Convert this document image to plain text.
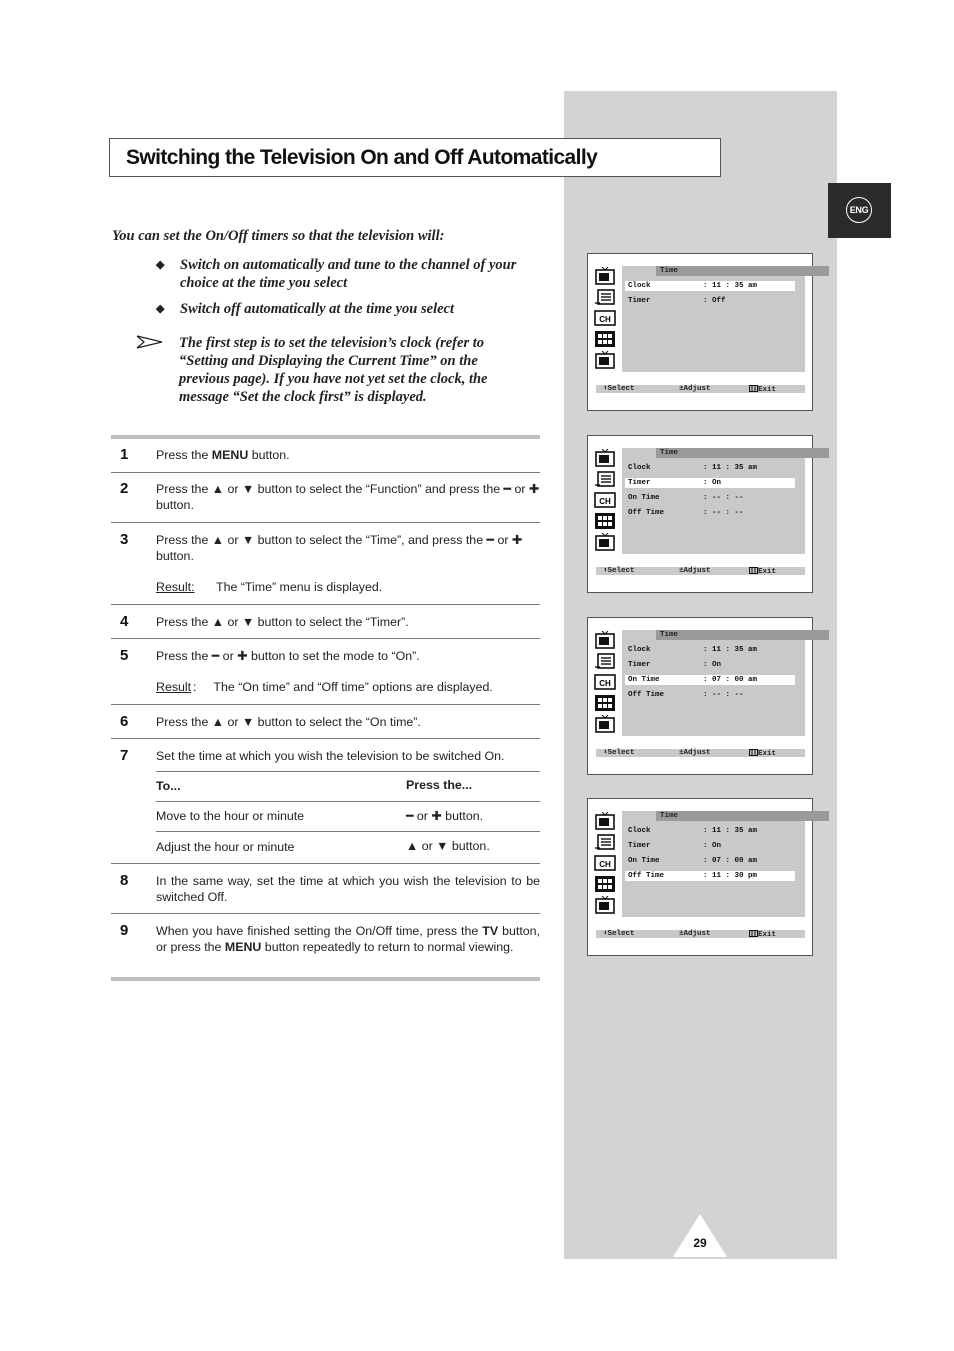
Switching the Television On and Off Automatically
ENG
You can set the On/Off timers so that the television will:
◆ Switch on automatically and tune to the channel of your choice at the time you select
◆ Switch off automatically at the time you select
The first step is to set the television’s clock (refer to “Setting and Displaying the Current Time” on the previous page). If you have not yet set the clock, the message “Set the clock first” is displayed.
1 Press the MENU button.
2 Press the ▲ or ▼ button to select the “Function” and press the ━ or ✚ button.
3 Press the ▲ or ▼ button to select the “Time”, and press the ━ or ✚ button.
Result: The “Time” menu is displayed.
4 Press the ▲ or ▼ button to select the “Timer”.
5 Press the ━ or ✚ button to set the mode to “On”.
Result :     The “On time” and “Off time” options are displayed.
6 Press the ▲ or ▼ button to select the “On time”.
7 Set the time at which you wish the television to be switched On.
To...	Press the...
Move to the hour or minute	━ or ✚ button.
Adjust the hour or minute	▲ or ▼ button.
8 In the same way, set the time at which you wish the television to be switched Off.
9 When you have finished setting the On/Off time, press the TV button, or press the MENU button repeatedly to return to normal viewing.
CH
Time
Clock	: 11 : 35 am
Timer	: Off
⬍Select	±Adjust	Exit
CH
Time
Clock	: 11 : 35 am
Timer	: On
On Time	: -- : --
Off Time	: -- : --
⬍Select	±Adjust	Exit
CH
Time
Clock	: 11 : 35 am
Timer	: On
On Time	: 07 : 00 am
Off Time	: -- : --
⬍Select	±Adjust	Exit
CH
Time
Clock	: 11 : 35 am
Timer	: On
On Time	: 07 : 00 am
Off Time	: 11 : 30 pm
⬍Select	±Adjust	Exit
29
